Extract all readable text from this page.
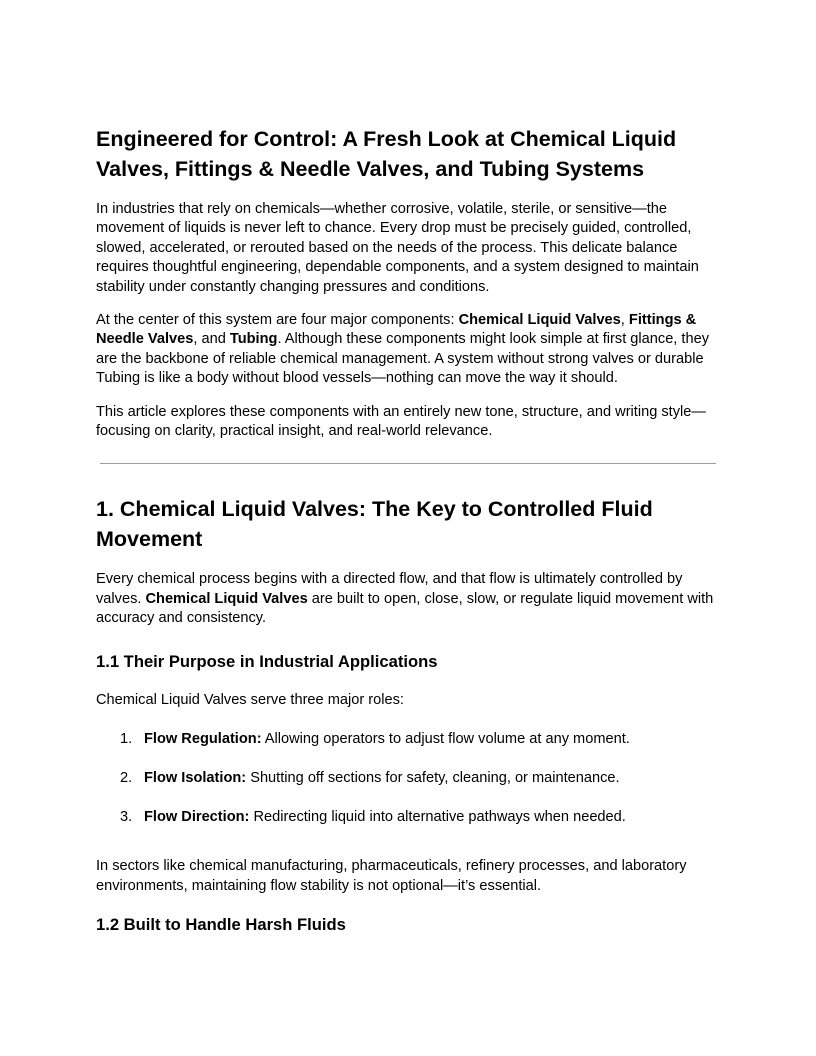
Engineered for Control: A Fresh Look at Chemical Liquid Valves, Fittings & Needle Valves, and Tubing Systems

In industries that rely on chemicals—whether corrosive, volatile, sterile, or sensitive—the movement of liquids is never left to chance. Every drop must be precisely guided, controlled, slowed, accelerated, or rerouted based on the needs of the process. This delicate balance requires thoughtful engineering, dependable components, and a system designed to maintain stability under constantly changing pressures and conditions.

At the center of this system are four major components: Chemical Liquid Valves, Fittings & Needle Valves, and Tubing. Although these components might look simple at first glance, they are the backbone of reliable chemical management. A system without strong valves or durable Tubing is like a body without blood vessels—nothing can move the way it should.

This article explores these components with an entirely new tone, structure, and writing style—focusing on clarity, practical insight, and real-world relevance.

1. Chemical Liquid Valves: The Key to Controlled Fluid Movement

Every chemical process begins with a directed flow, and that flow is ultimately controlled by valves. Chemical Liquid Valves are built to open, close, slow, or regulate liquid movement with accuracy and consistency.

1.1 Their Purpose in Industrial Applications

Chemical Liquid Valves serve three major roles:

1. Flow Regulation: Allowing operators to adjust flow volume at any moment.
2. Flow Isolation: Shutting off sections for safety, cleaning, or maintenance.
3. Flow Direction: Redirecting liquid into alternative pathways when needed.

In sectors like chemical manufacturing, pharmaceuticals, refinery processes, and laboratory environments, maintaining flow stability is not optional—it’s essential.

1.2 Built to Handle Harsh Fluids
